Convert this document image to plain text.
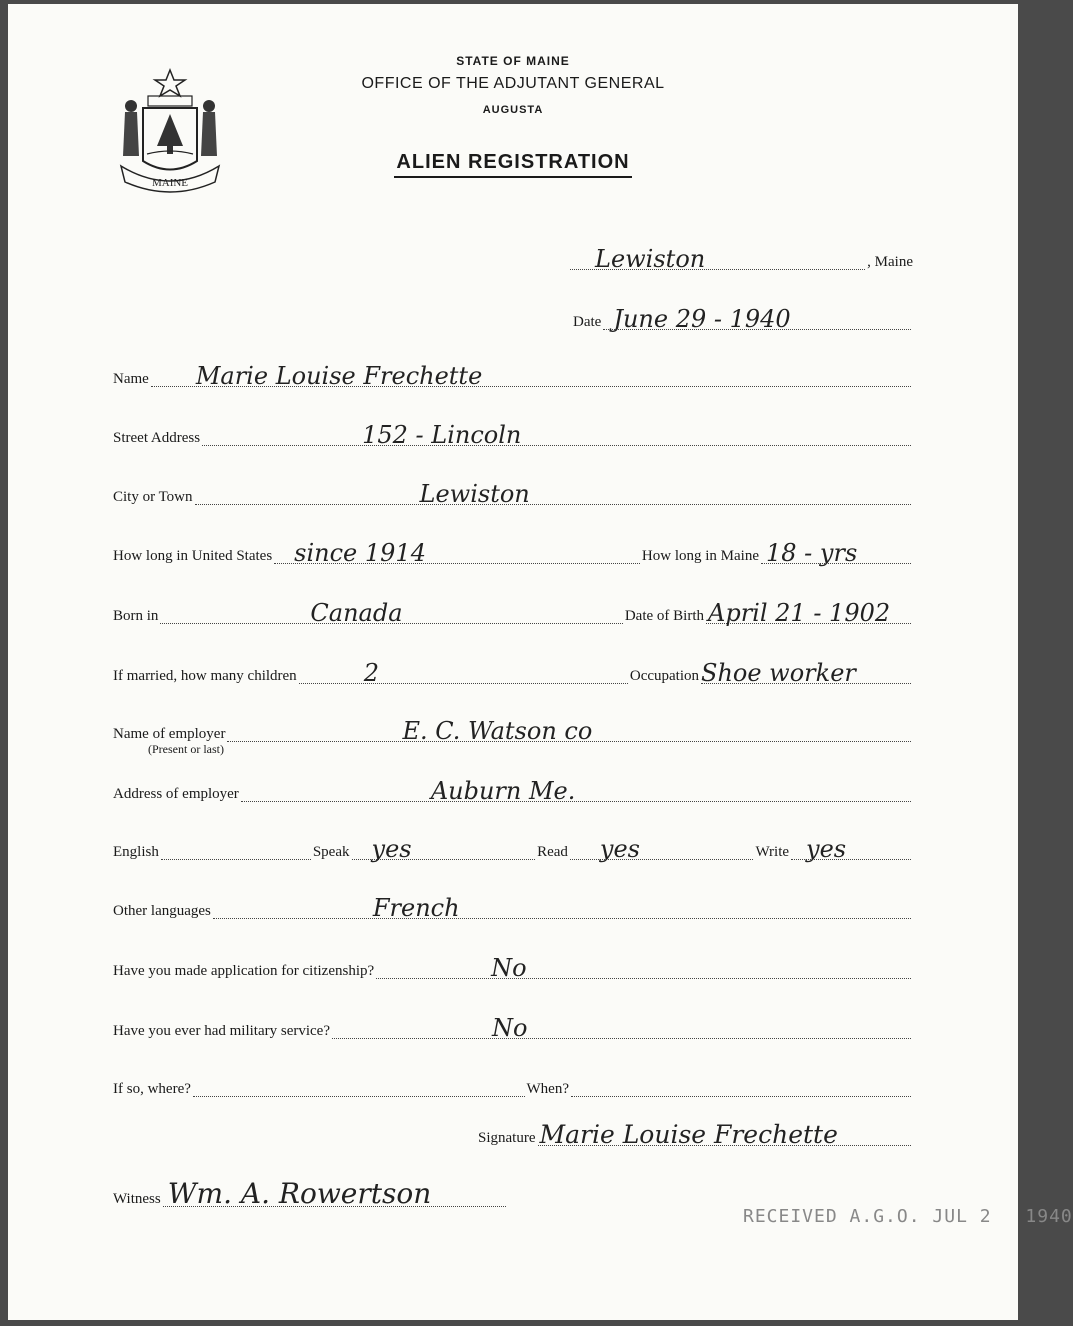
MAINE
STATE OF MAINE
OFFICE OF THE ADJUTANT GENERAL
AUGUSTA
ALIEN REGISTRATION
Lewiston	, Maine
Date June 29 - 1940
Name Marie Louise Frechette
Street Address	152 - Lincoln
City or Town	Lewiston
How long in United States since 1914	How long in Maine 18 - yrs
Born in	Canada	Date of Birth April 21 - 1902
If married, how many children	2	Occupation Shoe worker
Name of employer	E. C. Watson co
(Present or last)
Address of employer	Auburn Me.
English	Speak yes	Read yes	Write yes
Other languages	French
Have you made application for citizenship?	No
Have you ever had military service?	No
If so, where?	When?
Signature Marie Louise Frechette
Witness Wm. A. Rowertson
RECEIVED A.G.O. JUL 2 1940
